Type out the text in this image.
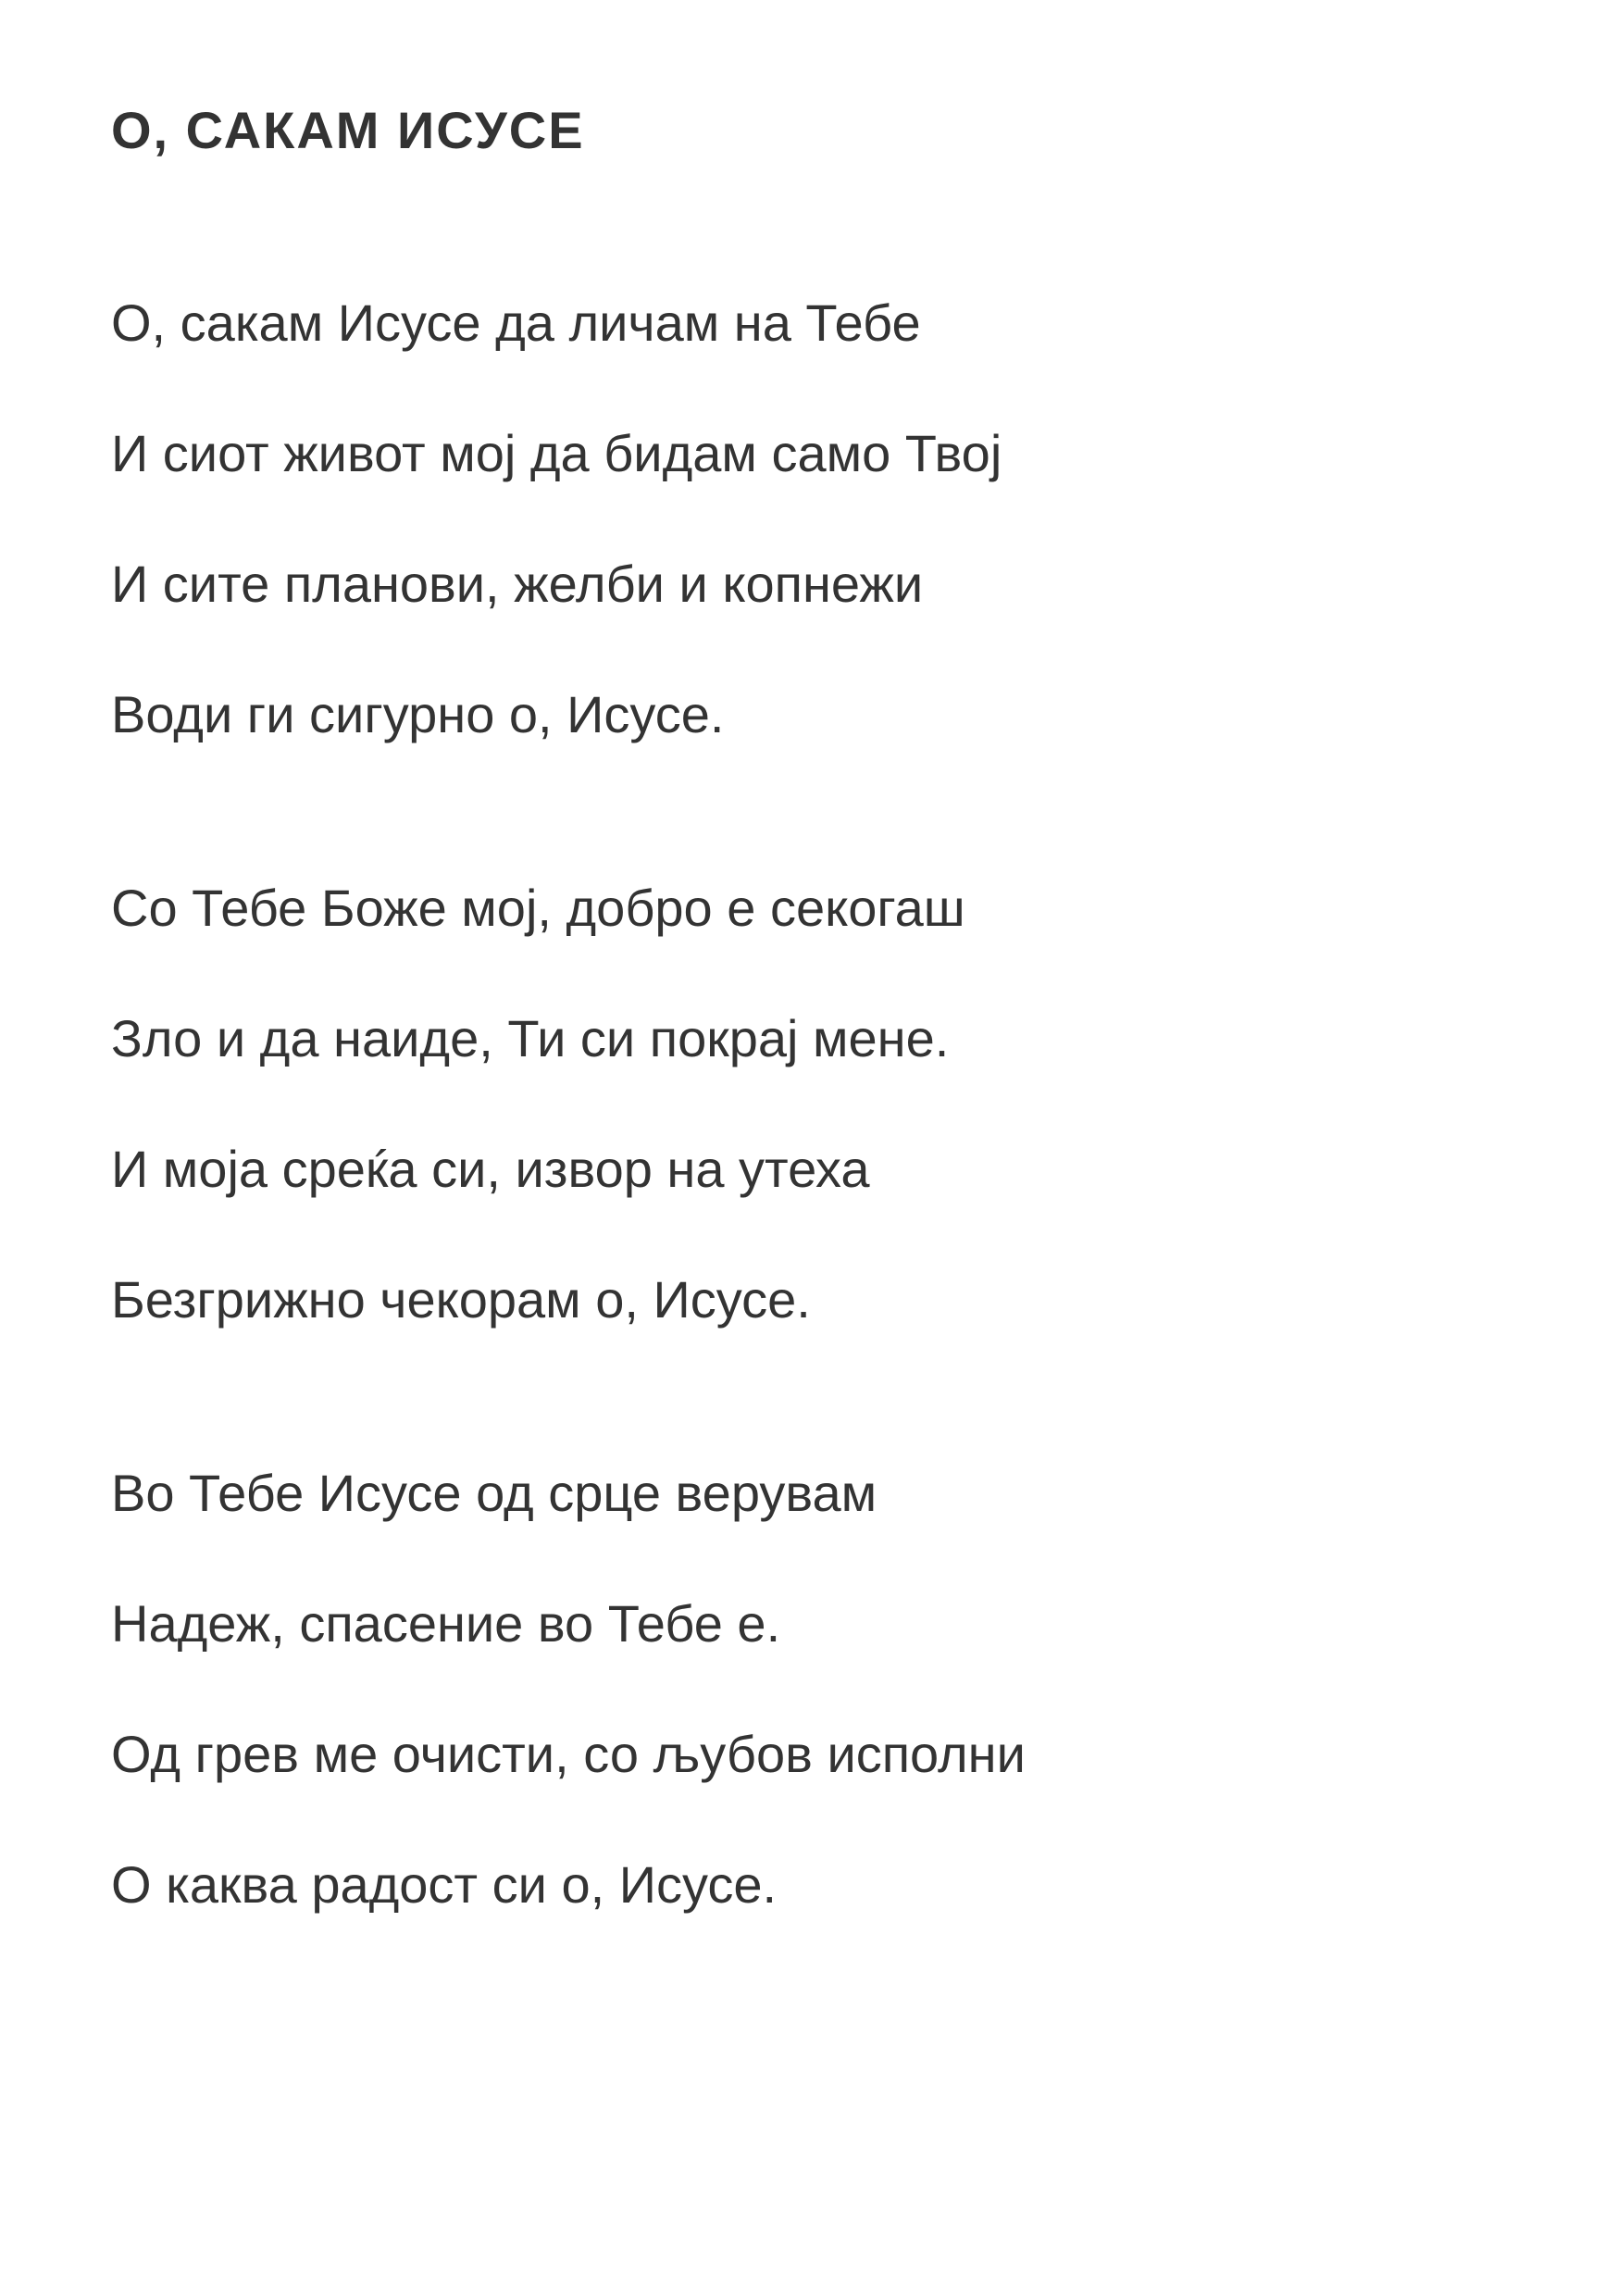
О, САКАМ ИСУСЕ
О, сакам Исусе да личам на Тебе
И сиот живот мој да бидам само Твој
И сите планови, желби и копнежи
Води ги сигурно о, Исусе.
Со Тебе Боже мој, добро е секогаш
Зло и да наиде, Ти си покрај мене.
И моја среќа си, извор на утеха
Безгрижно чекорам о, Исусе.
Во Тебе Исусе од срце верувам
Надеж, спасение во Тебе е.
Од грев ме очисти, со љубов исполни
О каква радост си о, Исусе.
